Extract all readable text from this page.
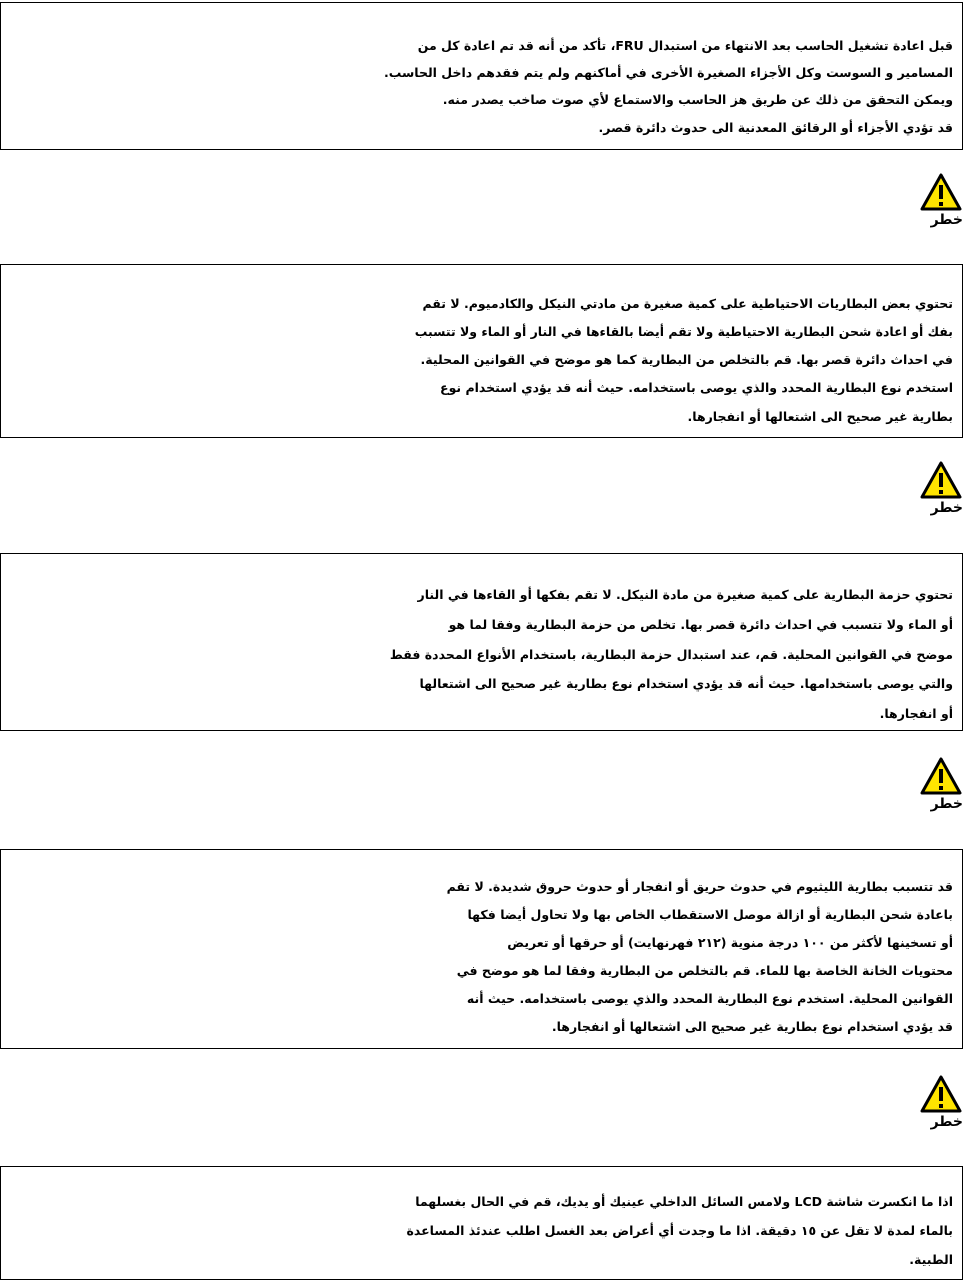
قبل اعادة تشغيل الحاسب بعد الانتهاء من استبدال FRU، تأكد من أنه قد تم اعادة كل من

المسامير و السوست وكل الأجزاء الصغيرة الأخرى في أماكنهم ولم يتم فقدهم داخل الحاسب.

ويمكن التحقق من ذلك عن طريق هز الحاسب والاستماع لأي صوت صاخب يصدر منه.

قد تؤدي الأجزاء أو الرقائق المعدنية الى حدوث دائرة قصر.

خطر

تحتوي بعض البطاريات الاحتياطية على كمية صغيرة من مادتي النيكل والكادميوم. لا تقم

بفك أو اعادة شحن البطارية الاحتياطية ولا تقم أيضا بالقاءها في النار أو الماء ولا تتسبب

في احداث دائرة قصر بها. قم بالتخلص من البطارية كما هو موضح في القوانين المحلية.

استخدم نوع البطارية المحدد والذي يوصى باستخدامه. حيث أنه قد يؤدي استخدام نوع

بطارية غير صحيح الى اشتعالها أو انفجارها.

خطر

تحتوي حزمة البطارية على كمية صغيرة من مادة النيكل. لا تقم بفكها أو القاءها في النار

أو الماء ولا تتسبب في احداث دائرة قصر بها. تخلص من حزمة البطارية وفقا لما هو

موضح في القوانين المحلية. قم، عند استبدال حزمة البطارية، باستخدام الأنواع المحددة فقط

والتي يوصى باستخدامها. حيث أنه قد يؤدي استخدام نوع بطارية غير صحيح الى اشتعالها

أو انفجارها.

خطر

قد تتسبب بطارية الليثيوم في حدوث حريق أو انفجار أو حدوث حروق شديدة. لا تقم

باعادة شحن البطارية أو ازالة موصل الاستقطاب الخاص بها ولا تحاول أيضا فكها

أو تسخينها لأكثر من ١٠٠ درجة منوية (٢١٢ فهرنهايت) أو حرقها أو تعريض

محتويات الخانة الخاصة بها للماء. قم بالتخلص من البطارية وفقا لما هو موضح في

القوانين المحلية. استخدم نوع البطارية المحدد والذي يوصى باستخدامه. حيث أنه

قد يؤدي استخدام نوع بطارية غير صحيح الى اشتعالها أو انفجارها.

خطر

اذا ما انكسرت شاشة LCD ولامس السائل الداخلي عينيك أو يديك، قم في الحال بغسلهما

بالماء لمدة لا تقل عن ١٥ دقيقة. اذا ما وجدت أي أعراض بعد الغسل اطلب عندئذ المساعدة

الطبية.
